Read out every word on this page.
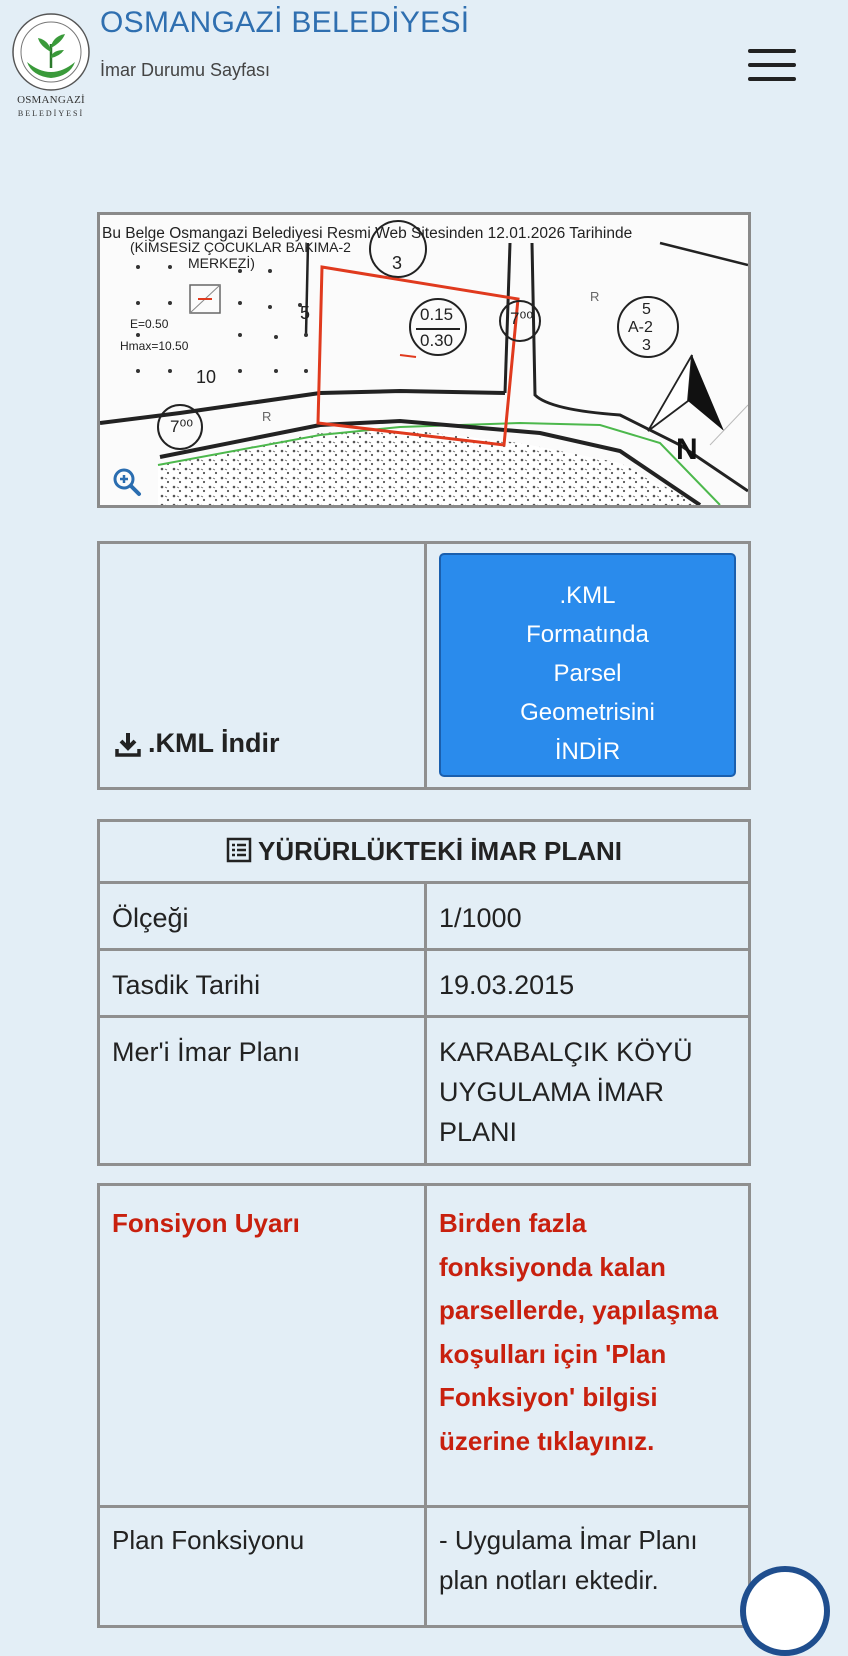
OSMANGAZİ
BELEDİYESİ
OSMANGAZİ BELEDİYESİ
İmar Durumu Sayfası
Bu Belge Osmangazi Belediyesi Resmi Web Sitesinden 12.01.2026 Tarihinde
(KİMSESİZ ÇOCUKLAR BAKIMA-2
MERKEZİ)
E=0.50
Hmax=10.50
10
5
3
0.15
0.30
7⁰⁰
7⁰⁰	5
A-2
3
N
R
R
.KML İndir

.KML
Formatında
Parsel
Geometrisini
İNDİR
YÜRÜRLÜKTEKİ İMAR PLANI	
Ölçeği	1/1000
Tasdik Tarihi	19.03.2015
Mer'i İmar Planı	KARABALÇIK KÖYÜ UYGULAMA İMAR PLANI
Fonsiyon Uyarı	Birden fazla fonksiyonda kalan parsellerde, yapılaşma koşulları için 'Plan Fonksiyon' bilgisi üzerine tıklayınız.
Plan Fonksiyonu	- Uygulama İmar Planı plan notları ektedir.
